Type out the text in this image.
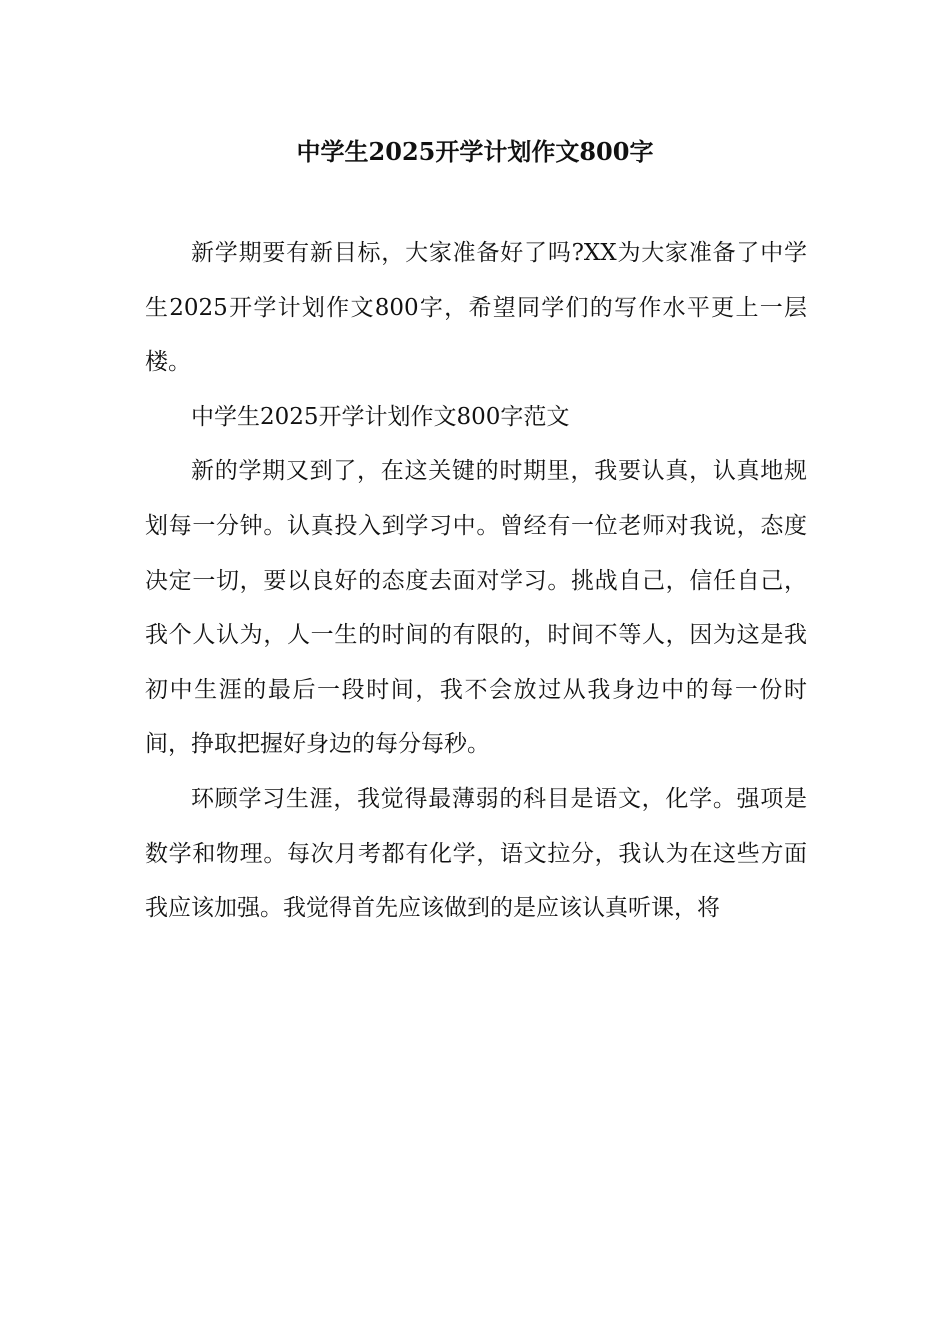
中学生2025开学计划作文800字

新学期要有新目标，大家准备好了吗?XX为大家准备了中学生2025开学计划作文800字，希望同学们的写作水平更上一层楼。

中学生2025开学计划作文800字范文

新的学期又到了，在这关键的时期里，我要认真，认真地规划每一分钟。认真投入到学习中。曾经有一位老师对我说，态度决定一切，要以良好的态度去面对学习。挑战自己，信任自己，我个人认为，人一生的时间的有限的，时间不等人，因为这是我初中生涯的最后一段时间，我不会放过从我身边中的每一份时间，挣取把握好身边的每分每秒。

环顾学习生涯，我觉得最薄弱的科目是语文，化学。强项是数学和物理。每次月考都有化学，语文拉分，我认为在这些方面我应该加强。我觉得首先应该做到的是应该认真听课，将
